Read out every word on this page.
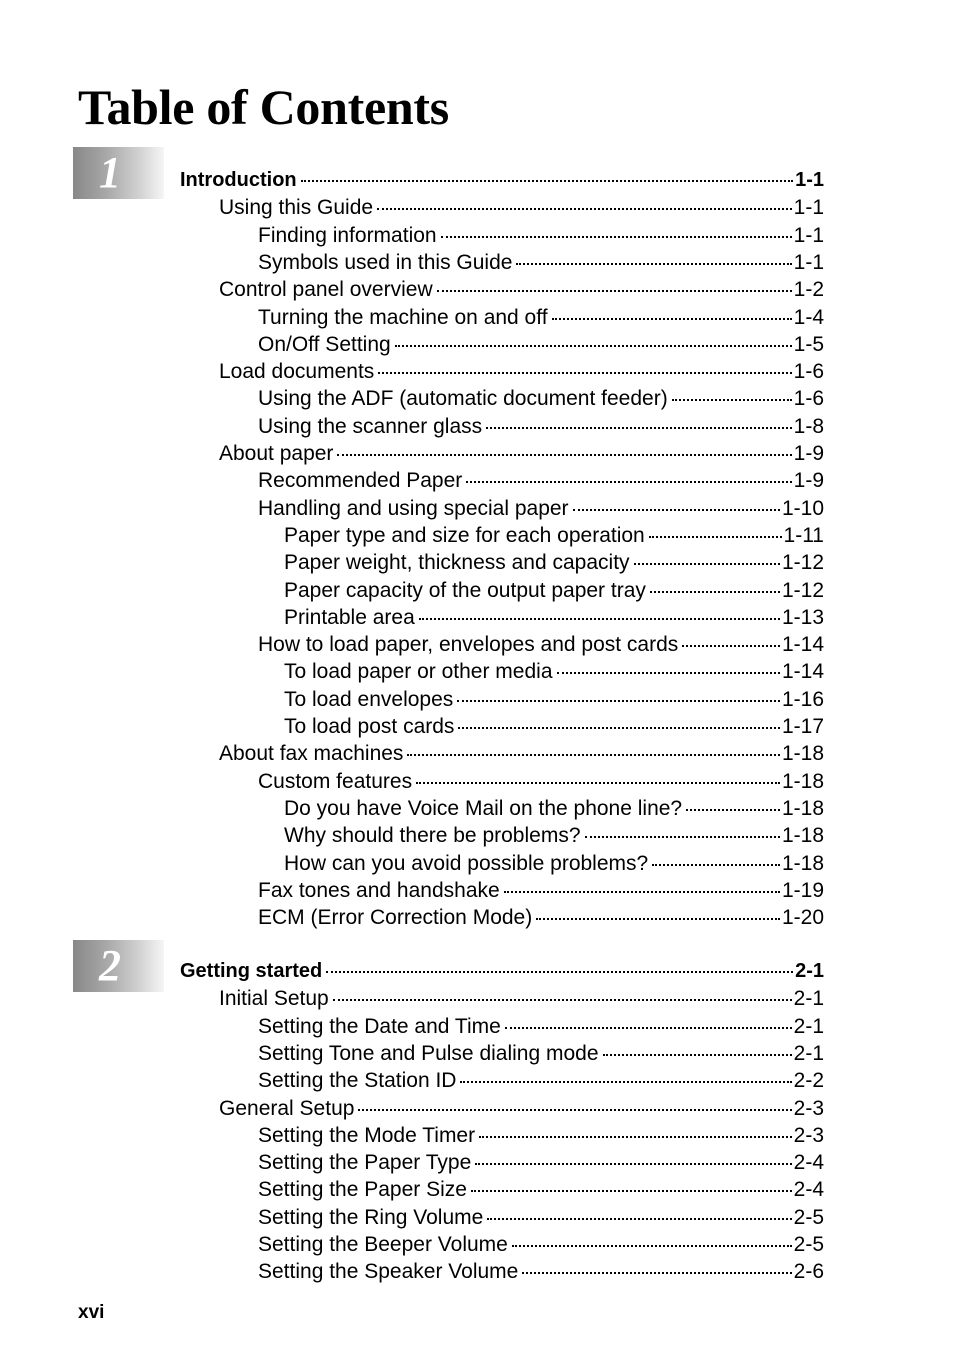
Table of Contents
1
2
Introduction	1-1
Using this Guide	1-1
Finding information	1-1
Symbols used in this Guide	1-1
Control panel overview	1-2
Turning the machine on and off	1-4
On/Off Setting	1-5
Load documents	1-6
Using the ADF (automatic document feeder)	1-6
Using the scanner glass	1-8
About paper	1-9
Recommended Paper	1-9
Handling and using special paper	1-10
Paper type and size for each operation	1-11
Paper weight, thickness and capacity	1-12
Paper capacity of the output paper tray	1-12
Printable area	1-13
How to load paper, envelopes and post cards	1-14
To load paper or other media	1-14
To load envelopes	1-16
To load post cards	1-17
About fax machines	1-18
Custom features	1-18
Do you have Voice Mail on the phone line?	1-18
Why should there be problems?	1-18
How can you avoid possible problems?	1-18
Fax tones and handshake	1-19
ECM (Error Correction Mode)	1-20
Getting started	2-1
Initial Setup	2-1
Setting the Date and Time	2-1
Setting Tone and Pulse dialing mode	2-1
Setting the Station ID	2-2
General Setup	2-3
Setting the Mode Timer	2-3
Setting the Paper Type	2-4
Setting the Paper Size	2-4
Setting the Ring Volume	2-5
Setting the Beeper Volume	2-5
Setting the Speaker Volume	2-6
xvi
